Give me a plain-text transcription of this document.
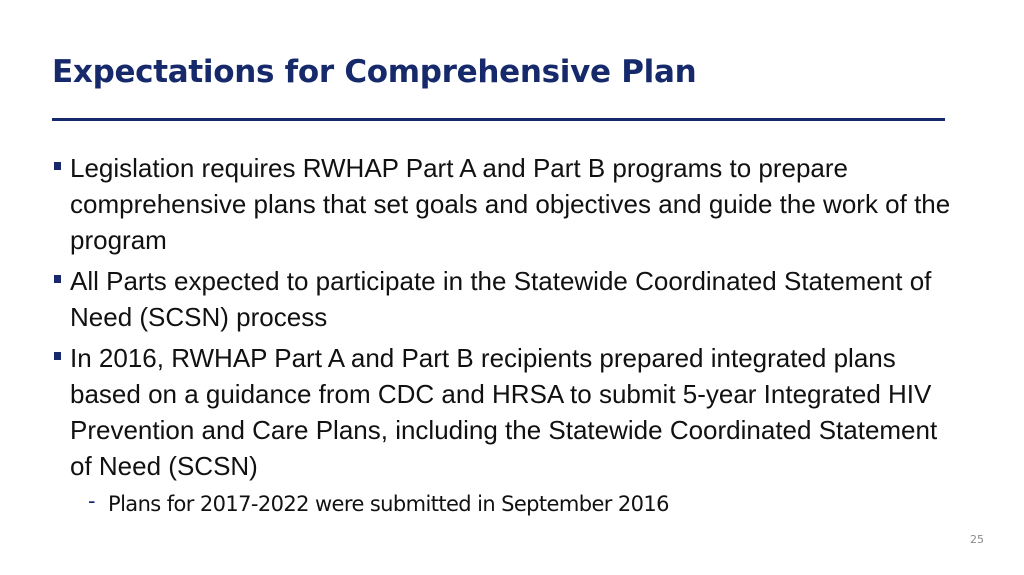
Expectations for Comprehensive Plan
Legislation requires RWHAP Part A and Part B programs to prepare comprehensive plans that set goals and objectives and guide the work of the program
All Parts expected to participate in the Statewide Coordinated Statement of Need (SCSN) process
In 2016, RWHAP Part A and Part B recipients prepared integrated plans based on a guidance from CDC and HRSA to submit 5-year Integrated HIV Prevention and Care Plans, including the Statewide Coordinated Statement of Need (SCSN)
- Plans for 2017-2022 were submitted in September 2016
25
